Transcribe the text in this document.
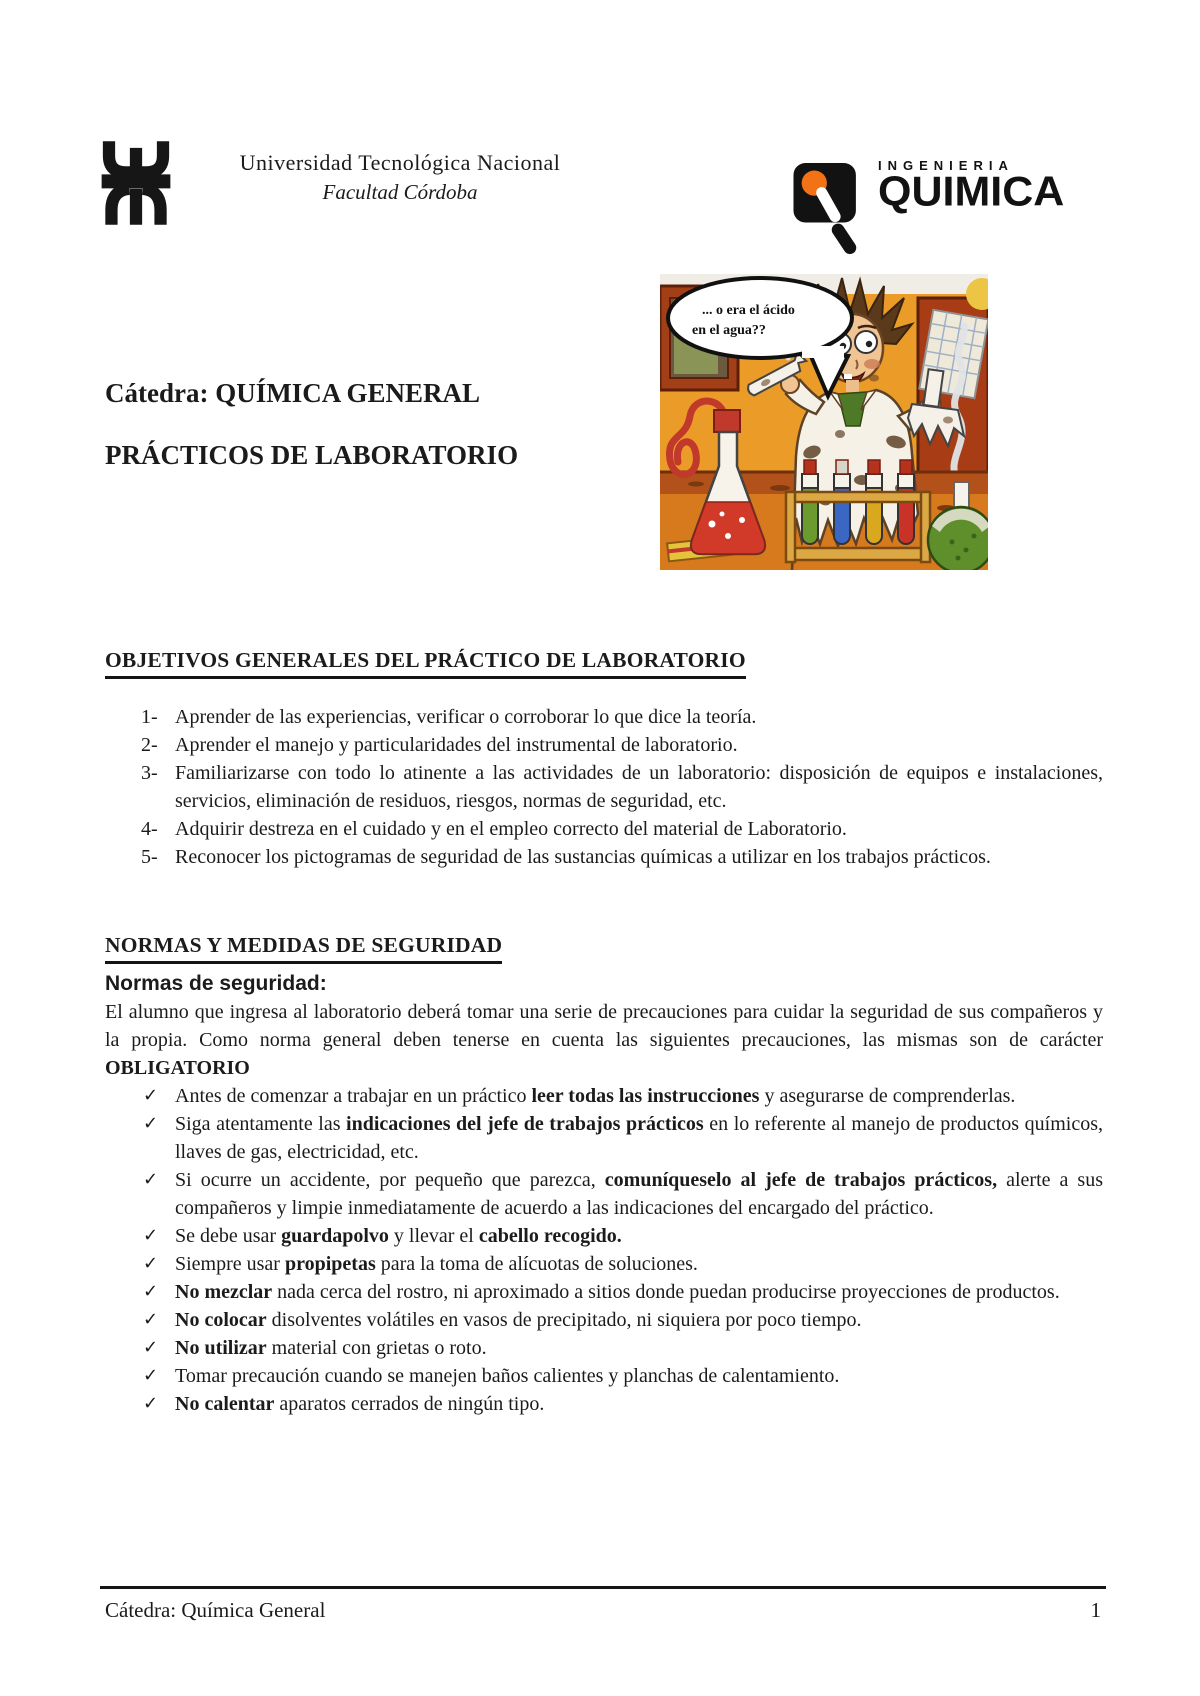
Universidad Tecnológica Nacional
Facultad Córdoba
INGENIERIA
QUIMICA
... o era el ácido
en el agua??
Cátedra: QUÍMICA GENERAL
PRÁCTICOS DE LABORATORIO
OBJETIVOS GENERALES DEL PRÁCTICO DE LABORATORIO
1- Aprender de las experiencias, verificar o corroborar lo que dice la teoría.
2- Aprender el manejo y particularidades del instrumental de laboratorio.
3- Familiarizarse con todo lo atinente a las actividades de un laboratorio: disposición de equipos e instalaciones, servicios, eliminación de residuos, riesgos, normas de seguridad, etc.
4- Adquirir destreza en el cuidado y en el empleo correcto del material de Laboratorio.
5- Reconocer los pictogramas de seguridad de las sustancias químicas a utilizar en los trabajos prácticos.
NORMAS Y MEDIDAS DE SEGURIDAD
Normas de seguridad:

El alumno que ingresa al laboratorio deberá tomar una serie de precauciones para cuidar la seguridad de sus compañeros y la propia. Como norma general deben tenerse en cuenta las siguientes precauciones, las mismas son de carácter OBLIGATORIO

✓ Antes de comenzar a trabajar en un práctico leer todas las instrucciones y asegurarse de comprenderlas.
✓ Siga atentamente las indicaciones del jefe de trabajos prácticos en lo referente al manejo de productos químicos, llaves de gas, electricidad, etc.
✓ Si ocurre un accidente, por pequeño que parezca, comuníqueselo al jefe de trabajos prácticos, alerte a sus compañeros y limpie inmediatamente de acuerdo a las indicaciones del encargado del práctico.
✓ Se debe usar guardapolvo y llevar el cabello recogido.
✓ Siempre usar propipetas para la toma de alícuotas de soluciones.
✓ No mezclar nada cerca del rostro, ni aproximado a sitios donde puedan producirse proyecciones de productos.
✓ No colocar disolventes volátiles en vasos de precipitado, ni siquiera por poco tiempo.
✓ No utilizar material con grietas o roto.
✓ Tomar precaución cuando se manejen baños calientes y planchas de calentamiento.
✓ No calentar aparatos cerrados de ningún tipo.
Cátedra: Química General	1
